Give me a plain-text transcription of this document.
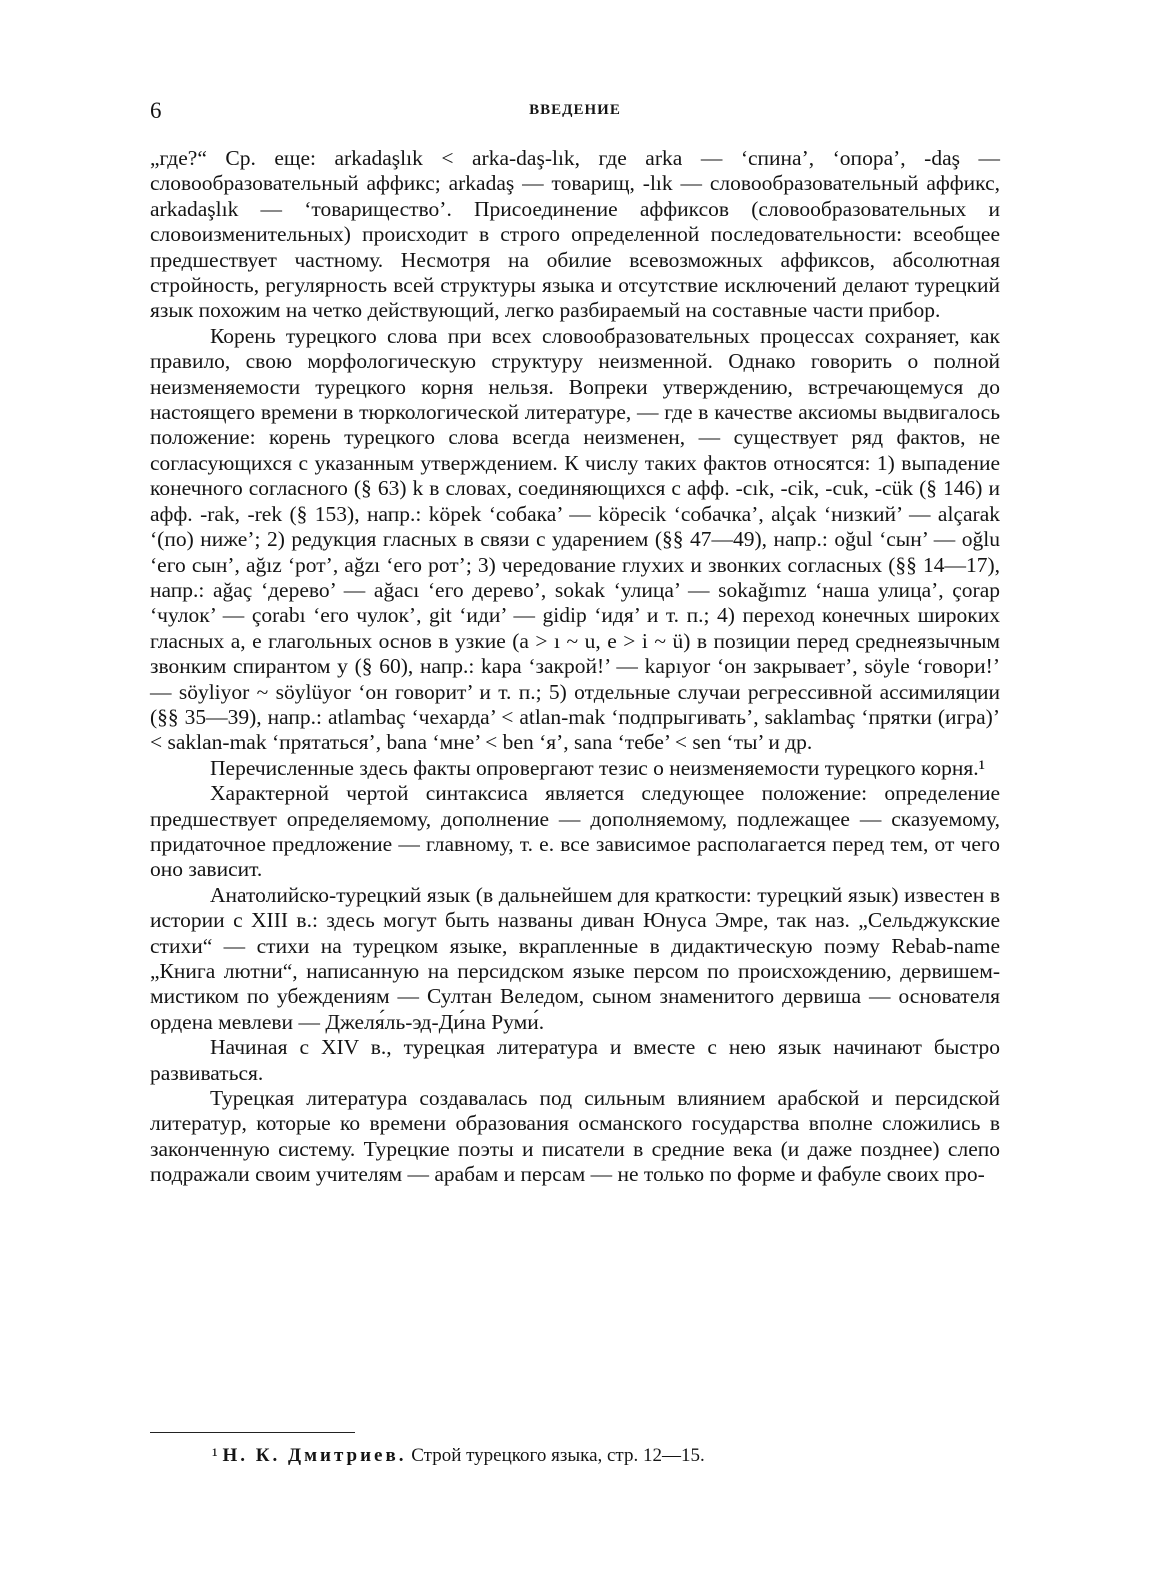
6	ВВЕДЕНИЕ

„где?“ Ср. еще: arkadaşlık < arka-daş-lık, где arka — ‘спина’, ‘опора’, -daş — словообразовательный аффикс; arkadaş — товарищ, -lık — словообразовательный аффикс, arkadaşlık — ‘товарищество’. Присоединение аффиксов (словообразовательных и словоизменительных) происходит в строго определенной последовательности: всеобщее предшествует частному. Несмотря на обилие всевозможных аффиксов, абсолютная стройность, регулярность всей структуры языка и отсутствие исключений делают турецкий язык похожим на четко действующий, легко разбираемый на составные части прибор.

Корень турецкого слова при всех словообразовательных процессах сохраняет, как правило, свою морфологическую структуру неизменной. Однако говорить о полной неизменяемости турецкого корня нельзя. Вопреки утверждению, встречающемуся до настоящего времени в тюркологической литературе, — где в качестве аксиомы выдвигалось положение: корень турецкого слова всегда неизменен, — существует ряд фактов, не согласующихся с указанным утверждением. К числу таких фактов относятся: 1) выпадение конечного согласного (§ 63) k в словах, соединяющихся с афф. -cık, -cik, -cuk, -cük (§ 146) и афф. -rak, -rek (§ 153), напр.: köpek ‘собака’ — köpecik ‘собачка’, alçak ‘низкий’ — alçarak ‘(по) ниже’; 2) редукция гласных в связи с ударением (§§ 47—49), напр.: oğul ‘сын’ — oğlu ‘его сын’, ağız ‘рот’, ağzı ‘его рот’; 3) чередование глухих и звонких согласных (§§ 14—17), напр.: ağaç ‘дерево’ — ağacı ‘его дерево’, sokak ‘улица’ — sokağımız ‘наша улица’, çorap ‘чулок’ — çorabı ‘его чулок’, git ‘иди’ — gidip ‘идя’ и т. п.; 4) переход конечных широких гласных a, e глагольных основ в узкие (a > ı ~ u, e > i ~ ü) в позиции перед среднеязычным звонким спирантом y (§ 60), напр.: kapa ‘закрой!’ — kapıyor ‘он закрывает’, söyle ‘говори!’ — söyliyor ~ söylüyor ‘он говорит’ и т. п.; 5) отдельные случаи регрессивной ассимиляции (§§ 35—39), напр.: atlambaç ‘чехарда’ < atlan-mak ‘подпрыгивать’, saklambaç ‘прятки (игра)’ < saklan-mak ‘прятаться’, bana ‘мне’ < ben ‘я’, sana ‘тебе’ < sen ‘ты’ и др.

Перечисленные здесь факты опровергают тезис о неизменяемости турецкого корня.¹

Характерной чертой синтаксиса является следующее положение: определение предшествует определяемому, дополнение — дополняемому, подлежащее — сказуемому, придаточное предложение — главному, т. е. все зависимое располагается перед тем, от чего оно зависит.

Анатолийско-турецкий язык (в дальнейшем для краткости: турецкий язык) известен в истории с XIII в.: здесь могут быть названы диван Юнуса Эмре, так наз. „Сельджукские стихи“ — стихи на турецком языке, вкрапленные в дидактическую поэму Rebab-name „Книга лютни“, написанную на персидском языке персом по происхождению, дервишем-мистиком по убеждениям — Султан Веледом, сыном знаменитого дервиша — основателя ордена мевлеви — Джеля́ль-эд-Ди́на Руми́.

Начиная с XIV в., турецкая литература и вместе с нею язык начинают быстро развиваться.

Турецкая литература создавалась под сильным влиянием арабской и персидской литератур, которые ко времени образования османского государства вполне сложились в законченную систему. Турецкие поэты и писатели в средние века (и даже позднее) слепо подражали своим учителям — арабам и персам — не только по форме и фабуле своих про-

¹ Н. К. Дмитриев. Строй турецкого языка, стр. 12—15.
